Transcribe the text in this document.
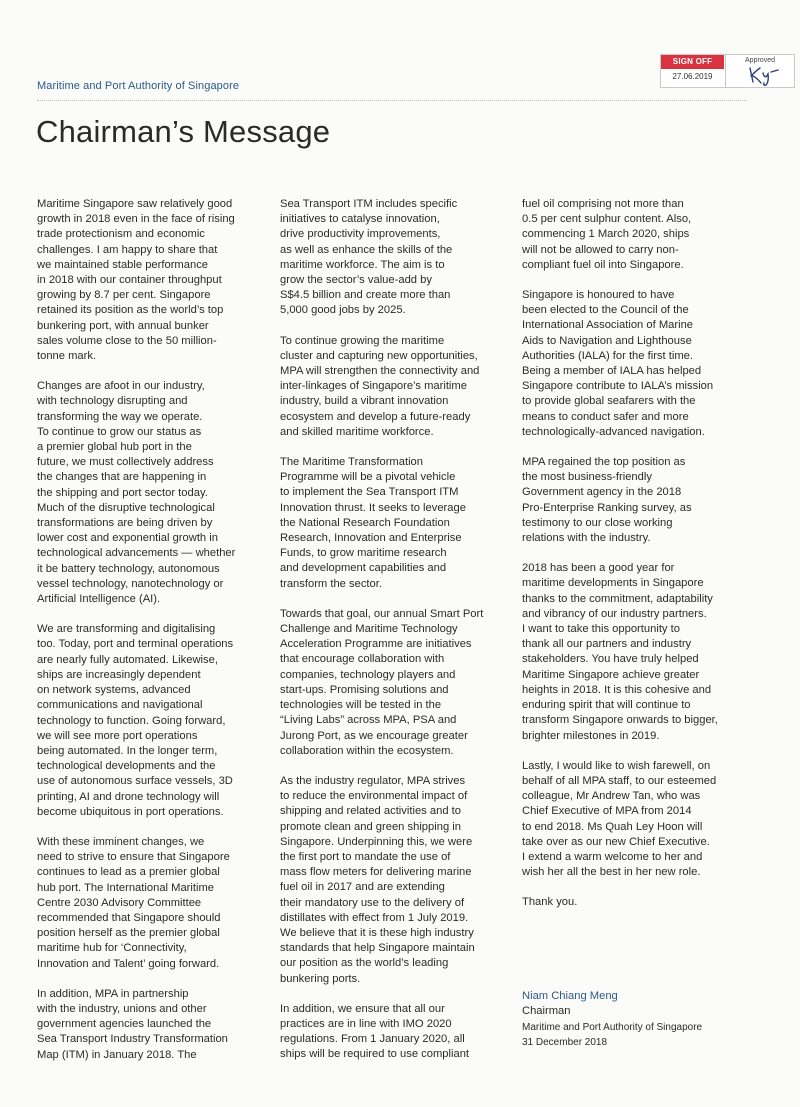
Maritime and Port Authority of Singapore
Chairman’s Message
SIGN OFF
27.06.2019
Approved

Maritime Singapore saw relatively good
growth in 2018 even in the face of rising
trade protectionism and economic
challenges. I am happy to share that
we maintained stable performance
in 2018 with our container throughput
growing by 8.7 per cent. Singapore
retained its position as the world’s top
bunkering port, with annual bunker
sales volume close to the 50 million-
tonne mark.

Changes are afoot in our industry,
with technology disrupting and
transforming the way we operate.
To continue to grow our status as
a premier global hub port in the
future, we must collectively address
the changes that are happening in
the shipping and port sector today.
Much of the disruptive technological
transformations are being driven by
lower cost and exponential growth in
technological advancements — whether
it be battery technology, autonomous
vessel technology, nanotechnology or
Artificial Intelligence (AI).

We are transforming and digitalising
too. Today, port and terminal operations
are nearly fully automated. Likewise,
ships are increasingly dependent
on network systems, advanced
communications and navigational
technology to function. Going forward,
we will see more port operations
being automated. In the longer term,
technological developments and the
use of autonomous surface vessels, 3D
printing, AI and drone technology will
become ubiquitous in port operations.

With these imminent changes, we
need to strive to ensure that Singapore
continues to lead as a premier global
hub port. The International Maritime
Centre 2030 Advisory Committee
recommended that Singapore should
position herself as the premier global
maritime hub for ‘Connectivity,
Innovation and Talent’ going forward.

In addition, MPA in partnership
with the industry, unions and other
government agencies launched the
Sea Transport Industry Transformation
Map (ITM) in January 2018. The

Sea Transport ITM includes specific
initiatives to catalyse innovation,
drive productivity improvements,
as well as enhance the skills of the
maritime workforce. The aim is to
grow the sector’s value-add by
S$4.5 billion and create more than
5,000 good jobs by 2025.

To continue growing the maritime
cluster and capturing new opportunities,
MPA will strengthen the connectivity and
inter-linkages of Singapore’s maritime
industry, build a vibrant innovation
ecosystem and develop a future-ready
and skilled maritime workforce.

The Maritime Transformation
Programme will be a pivotal vehicle
to implement the Sea Transport ITM
Innovation thrust. It seeks to leverage
the National Research Foundation
Research, Innovation and Enterprise
Funds, to grow maritime research
and development capabilities and
transform the sector.

Towards that goal, our annual Smart Port
Challenge and Maritime Technology
Acceleration Programme are initiatives
that encourage collaboration with
companies, technology players and
start-ups. Promising solutions and
technologies will be tested in the
“Living Labs” across MPA, PSA and
Jurong Port, as we encourage greater
collaboration within the ecosystem.

As the industry regulator, MPA strives
to reduce the environmental impact of
shipping and related activities and to
promote clean and green shipping in
Singapore. Underpinning this, we were
the first port to mandate the use of
mass flow meters for delivering marine
fuel oil in 2017 and are extending
their mandatory use to the delivery of
distillates with effect from 1 July 2019.
We believe that it is these high industry
standards that help Singapore maintain
our position as the world’s leading
bunkering ports.

In addition, we ensure that all our
practices are in line with IMO 2020
regulations. From 1 January 2020, all
ships will be required to use compliant

fuel oil comprising not more than
0.5 per cent sulphur content. Also,
commencing 1 March 2020, ships
will not be allowed to carry non-
compliant fuel oil into Singapore.

Singapore is honoured to have
been elected to the Council of the
International Association of Marine
Aids to Navigation and Lighthouse
Authorities (IALA) for the first time.
Being a member of IALA has helped
Singapore contribute to IALA’s mission
to provide global seafarers with the
means to conduct safer and more
technologically-advanced navigation.

MPA regained the top position as
the most business-friendly
Government agency in the 2018
Pro-Enterprise Ranking survey, as
testimony to our close working
relations with the industry.

2018 has been a good year for
maritime developments in Singapore
thanks to the commitment, adaptability
and vibrancy of our industry partners.
I want to take this opportunity to
thank all our partners and industry
stakeholders. You have truly helped
Maritime Singapore achieve greater
heights in 2018. It is this cohesive and
enduring spirit that will continue to
transform Singapore onwards to bigger,
brighter milestones in 2019.

Lastly, I would like to wish farewell, on
behalf of all MPA staff, to our esteemed
colleague, Mr Andrew Tan, who was
Chief Executive of MPA from 2014
to end 2018. Ms Quah Ley Hoon will
take over as our new Chief Executive.
I extend a warm welcome to her and
wish her all the best in her new role.

Thank you.

Niam Chiang Meng
Chairman
Maritime and Port Authority of Singapore
31 December 2018
